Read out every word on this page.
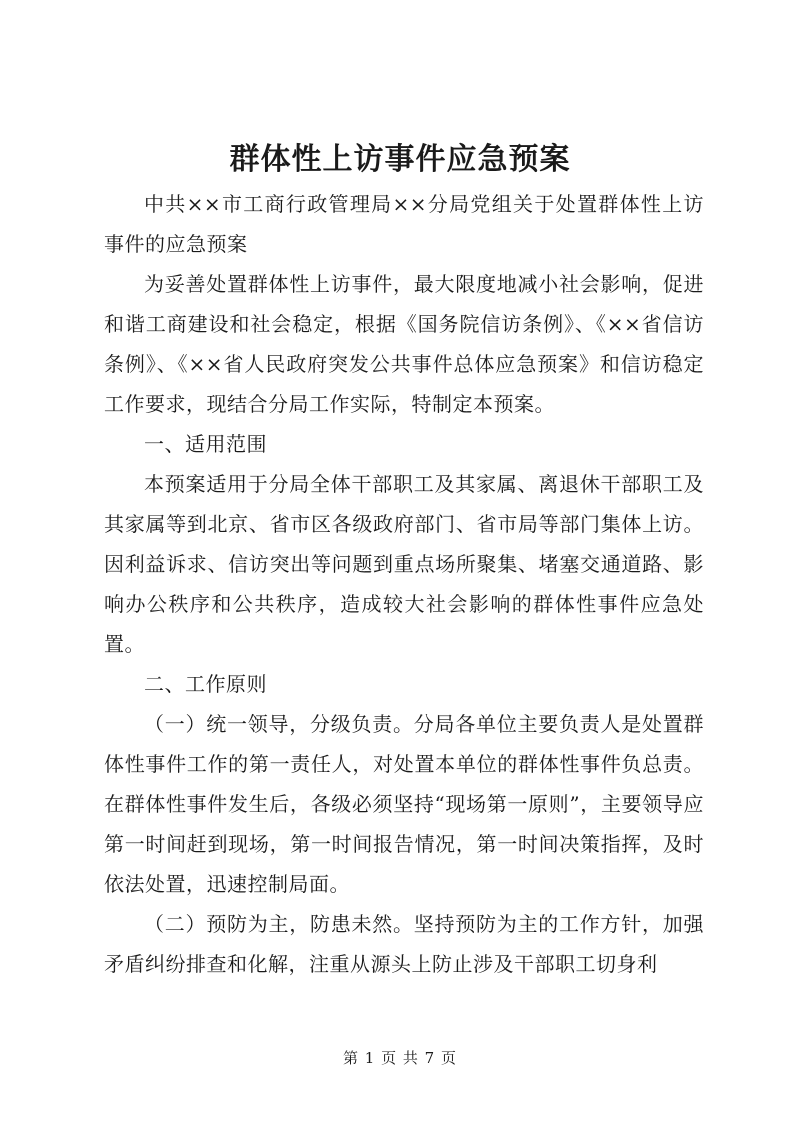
群体性上访事件应急预案

中共××市工商行政管理局××分局党组关于处置群体性上访事件的应急预案

为妥善处置群体性上访事件，最大限度地减小社会影响，促进和谐工商建设和社会稳定，根据《国务院信访条例》、《××省信访条例》、《××省人民政府突发公共事件总体应急预案》和信访稳定工作要求，现结合分局工作实际，特制定本预案。

一、适用范围

本预案适用于分局全体干部职工及其家属、离退休干部职工及其家属等到北京、省市区各级政府部门、省市局等部门集体上访。因利益诉求、信访突出等问题到重点场所聚集、堵塞交通道路、影响办公秩序和公共秩序，造成较大社会影响的群体性事件应急处置。

二、工作原则

（一）统一领导，分级负责。分局各单位主要负责人是处置群体性事件工作的第一责任人，对处置本单位的群体性事件负总责。在群体性事件发生后，各级必须坚持“现场第一原则”，主要领导应第一时间赶到现场，第一时间报告情况，第一时间决策指挥，及时依法处置，迅速控制局面。

（二）预防为主，防患未然。坚持预防为主的工作方针，加强矛盾纠纷排查和化解，注重从源头上防止涉及干部职工切身利

第 1 页 共 7 页
